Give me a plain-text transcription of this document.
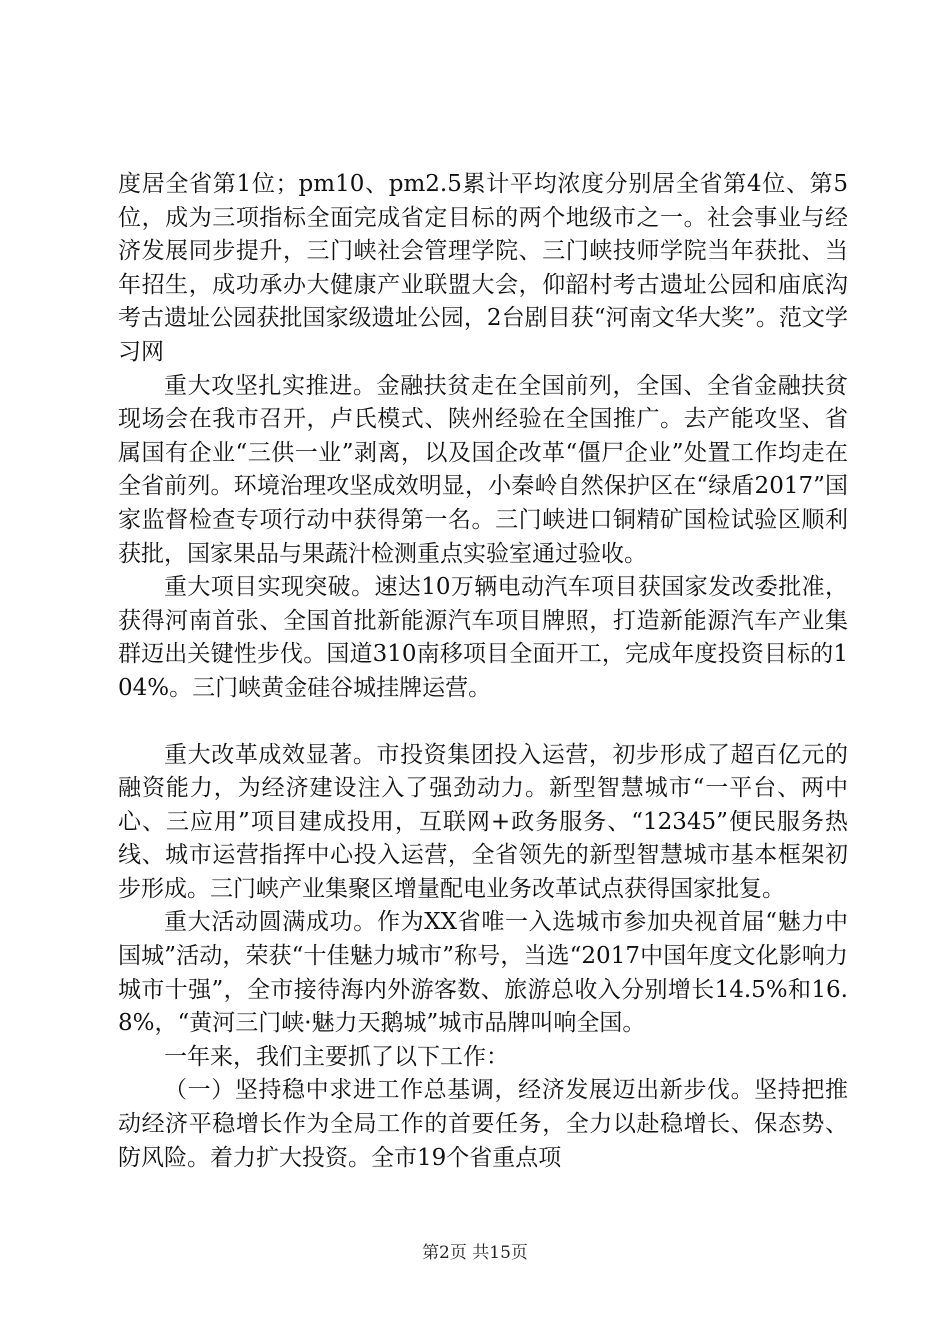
度居全省第1位；pm10、pm2.5累计平均浓度分别居全省第4位、第5位，成为三项指标全面完成省定目标的两个地级市之一。社会事业与经济发展同步提升，三门峡社会管理学院、三门峡技师学院当年获批、当年招生，成功承办大健康产业联盟大会，仰韶村考古遗址公园和庙底沟考古遗址公园获批国家级遗址公园，2台剧目获“河南文华大奖”。范文学习网

重大攻坚扎实推进。金融扶贫走在全国前列，全国、全省金融扶贫现场会在我市召开，卢氏模式、陕州经验在全国推广。去产能攻坚、省属国有企业“三供一业”剥离，以及国企改革“僵尸企业”处置工作均走在全省前列。环境治理攻坚成效明显，小秦岭自然保护区在“绿盾2017”国家监督检查专项行动中获得第一名。三门峡进口铜精矿国检试验区顺利获批，国家果品与果蔬汁检测重点实验室通过验收。

重大项目实现突破。速达10万辆电动汽车项目获国家发改委批准，获得河南首张、全国首批新能源汽车项目牌照，打造新能源汽车产业集群迈出关键性步伐。国道310南移项目全面开工，完成年度投资目标的104%。三门峡黄金硅谷城挂牌运营。

重大改革成效显著。市投资集团投入运营，初步形成了超百亿元的融资能力，为经济建设注入了强劲动力。新型智慧城市“一平台、两中心、三应用”项目建成投用，互联网+政务服务、“12345”便民服务热线、城市运营指挥中心投入运营，全省领先的新型智慧城市基本框架初步形成。三门峡产业集聚区增量配电业务改革试点获得国家批复。

重大活动圆满成功。作为XX省唯一入选城市参加央视首届“魅力中国城”活动，荣获“十佳魅力城市”称号，当选“2017中国年度文化影响力城市十强”，全市接待海内外游客数、旅游总收入分别增长14.5%和16.8%，“黄河三门峡·魅力天鹅城”城市品牌叫响全国。

一年来，我们主要抓了以下工作：

（一）坚持稳中求进工作总基调，经济发展迈出新步伐。坚持把推动经济平稳增长作为全局工作的首要任务，全力以赴稳增长、保态势、防风险。着力扩大投资。全市19个省重点项

第2页 共15页
